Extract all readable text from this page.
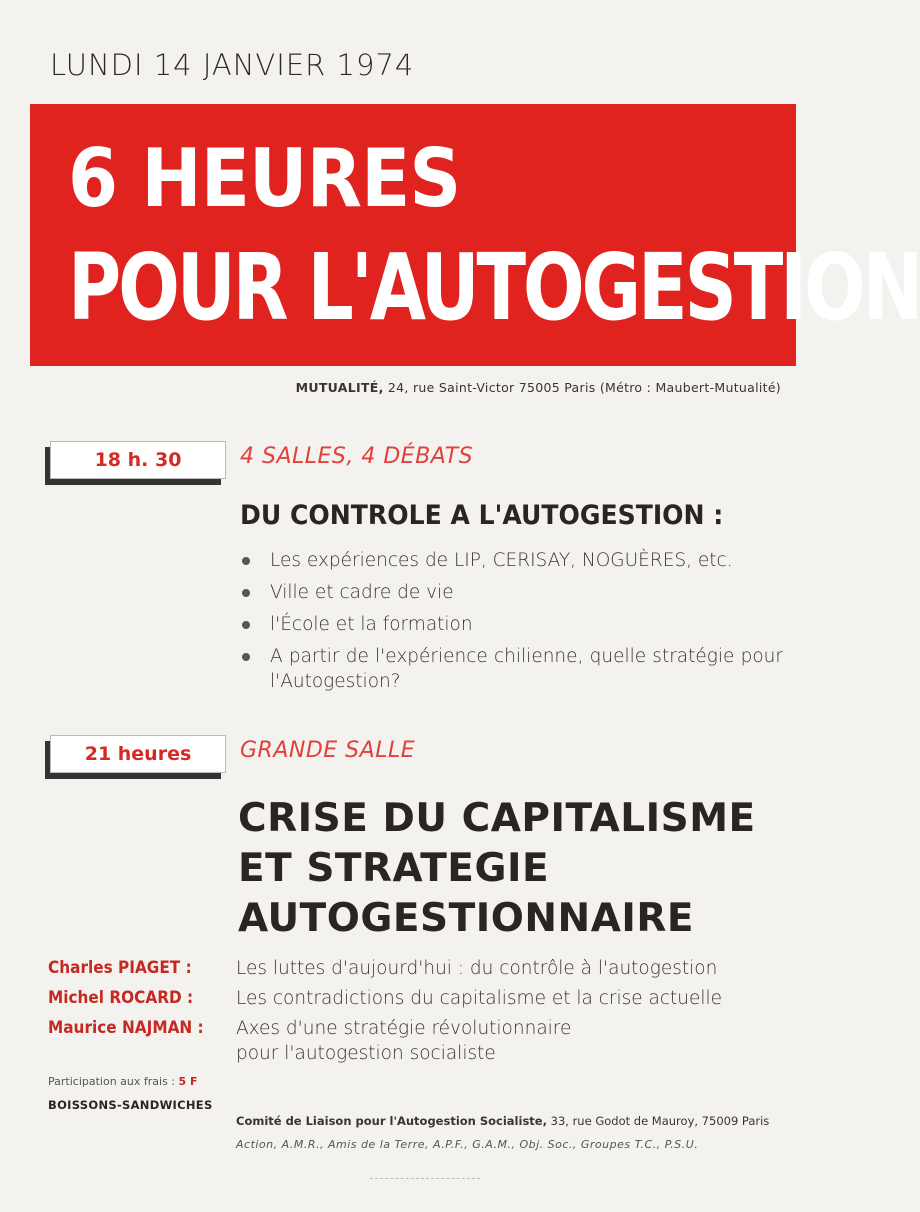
LUNDI 14 JANVIER 1974
6 HEURES
POUR L'AUTOGESTION
MUTUALITÉ, 24, rue Saint-Victor 75005 Paris (Métro : Maubert-Mutualité)
18 h. 30	4 SALLES, 4 DÉBATS
DU CONTROLE A L'AUTOGESTION :
Les expériences de LIP, CERISAY, NOGUÈRES, etc.
Ville et cadre de vie
l'École et la formation
A partir de l'expérience chilienne, quelle stratégie pour l'Autogestion?
21 heures GRANDE SALLE
CRISE DU CAPITALISME
ET STRATEGIE
AUTOGESTIONNAIRE
Charles PIAGET : Les luttes d'aujourd'hui : du contrôle à l'autogestion
Michel ROCARD : Les contradictions du capitalisme et la crise actuelle
Maurice NAJMAN : Axes d'une stratégie révolutionnaire
pour l'autogestion socialiste
Participation aux frais : 5 F
BOISSONS-SANDWICHES
Comité de Liaison pour l'Autogestion Socialiste, 33, rue Godot de Mauroy, 75009 Paris
Action, A.M.R., Amis de la Terre, A.P.F., G.A.M., Obj. Soc., Groupes T.C., P.S.U.
